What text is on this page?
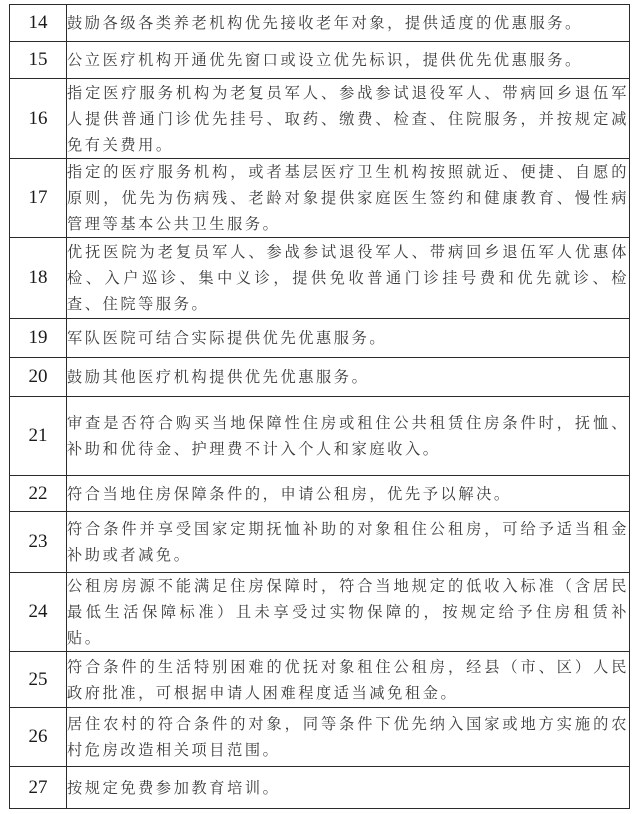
14	鼓励各级各类养老机构优先接收老年对象，提供适度的优惠服务。
15	公立医疗机构开通优先窗口或设立优先标识，提供优先优惠服务。
16	指定医疗服务机构为老复员军人、参战参试退役军人、带病回乡退伍军人提供普通门诊优先挂号、取药、缴费、检查、住院服务，并按规定减免有关费用。
17	指定的医疗服务机构，或者基层医疗卫生机构按照就近、便捷、自愿的原则，优先为伤病残、老龄对象提供家庭医生签约和健康教育、慢性病管理等基本公共卫生服务。
18	优抚医院为老复员军人、参战参试退役军人、带病回乡退伍军人优惠体检、入户巡诊、集中义诊，提供免收普通门诊挂号费和优先就诊、检查、住院等服务。
19	军队医院可结合实际提供优先优惠服务。
20	鼓励其他医疗机构提供优先优惠服务。
21	审查是否符合购买当地保障性住房或租住公共租赁住房条件时，抚恤、补助和优待金、护理费不计入个人和家庭收入。
22	符合当地住房保障条件的，申请公租房，优先予以解决。
23	符合条件并享受国家定期抚恤补助的对象租住公租房，可给予适当租金补助或者减免。
24	公租房房源不能满足住房保障时，符合当地规定的低收入标准（含居民最低生活保障标准）且未享受过实物保障的，按规定给予住房租赁补贴。
25	符合条件的生活特别困难的优抚对象租住公租房，经县（市、区）人民政府批准，可根据申请人困难程度适当减免租金。
26	居住农村的符合条件的对象，同等条件下优先纳入国家或地方实施的农村危房改造相关项目范围。
27	按规定免费参加教育培训。
